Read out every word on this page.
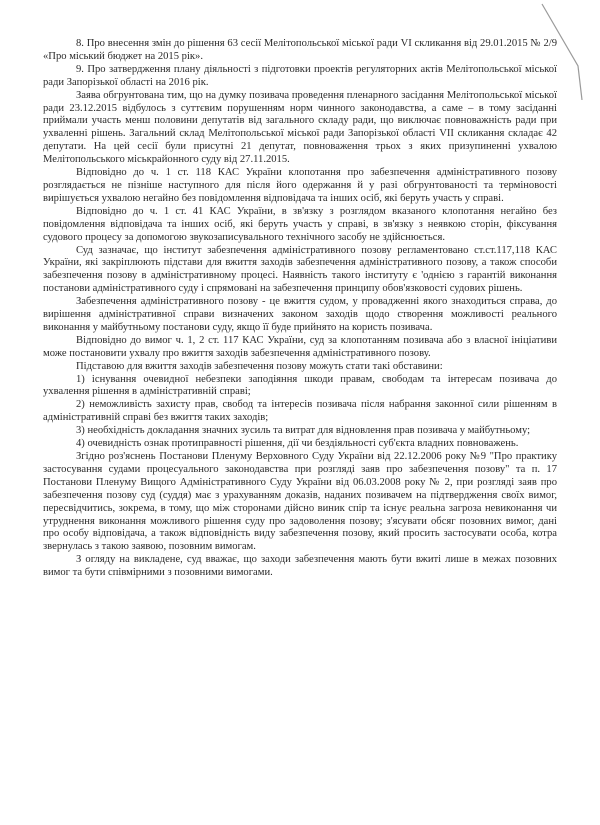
8. Про внесення змін до рішення 63 сесії Мелітопольської міської ради VI скликання від 29.01.2015 № 2/9 «Про міський бюджет на 2015 рік».

9. Про затвердження плану діяльності з підготовки проектів регуляторних актів Мелітопольської міської ради Запорізької області на 2016 рік.

Заява обгрунтована тим, що на думку позивача проведення пленарного засідання Мелітопольської міської ради 23.12.2015 відбулось з суттєвим порушенням норм чинного законодавства, а саме – в тому засіданні приймали участь менш половини депутатів від загального складу ради, що виключає повноважність ради при ухваленні рішень. Загальний склад Мелітопольської міської ради Запорізької області VII скликання складає 42 депутати. На цей сесії були присутні 21 депутат, повноваження трьох з яких призупиненні ухвалою Мелітопольського міськрайонного суду від 27.11.2015.

Відповідно до ч. 1 ст. 118 КАС України клопотання про забезпечення адміністративного позову розглядається не пізніше наступного для після його одержання й у разі обгрунтованості та терміновості вирішується ухвалою негайно без повідомлення відповідача та інших осіб, які беруть участь у справі.

Відповідно до ч. 1 ст. 41 КАС України, в зв'язку з розглядом вказаного клопотання негайно без повідомлення відповідача та інших осіб, які беруть участь у справі, в зв'язку з неявкою сторін, фіксування судового процесу за допомогою звукозаписувального технічного засобу не здійснюється.

Суд зазначає, що інститут забезпечення адміністративного позову регламентовано ст.ст.117,118 КАС України, які закріплюють підстави для вжиття заходів забезпечення адміністративного позову, а також способи забезпечення позову в адміністративному процесі. Наявність такого інституту є 'однією з гарантій виконання постанови адміністративного суду і спрямовані на забезпечення принципу обов'язковості судових рішень.

Забезпечення адміністративного позову - це вжиття судом, у провадженні якого знаходиться справа, до вирішення адміністративної справи визначених законом заходів щодо створення можливості реального виконання у майбутньому постанови суду, якщо її буде прийнято на користь позивача.

Відповідно до вимог ч. 1, 2 ст. 117 КАС України, суд за клопотанням позивача або з власної ініціативи може постановити ухвалу про вжиття заходів забезпечення адміністративного позову.

Підставою для вжиття заходів забезпечення позову можуть стати такі обставини:

1) існування очевидної небезпеки заподіяння шкоди правам, свободам та інтересам позивача до ухвалення рішення в адміністративній справі;

2) неможливість захисту прав, свобод та інтересів позивача після набрання законної сили рішенням в адміністративній справі без вжиття таких заходів;

3) необхідність докладання значних зусиль та витрат для відновлення прав позивача у майбутньому;

4) очевидність ознак протиправності рішення, дії чи бездіяльності суб'єкта владних повноважень.

Згідно роз'яснень Постанови Пленуму Верховного Суду України від 22.12.2006 року №9 "Про практику застосування судами процесуального законодавства при розгляді заяв про забезпечення позову" та п. 17 Постанови Пленуму Вищого Адміністративного Суду України від 06.03.2008 року № 2, при розгляді заяв про забезпечення позову суд (суддя) має з урахуванням доказів, наданих позивачем на підтвердження своїх вимог, пересвідчитись, зокрема, в тому, що між сторонами дійсно виник спір та існує реальна загроза невиконання чи утруднення виконання можливого рішення суду про задоволення позову; з'ясувати обсяг позовних вимог, дані про особу відповідача, а також відповідність виду забезпечення позову, який просить застосувати особа, котра звернулась з такою заявою, позовним вимогам.

З огляду на викладене, суд вважає, що заходи забезпечення мають бути вжиті лише в межах позовних вимог та бути співмірними з позовними вимогами.
